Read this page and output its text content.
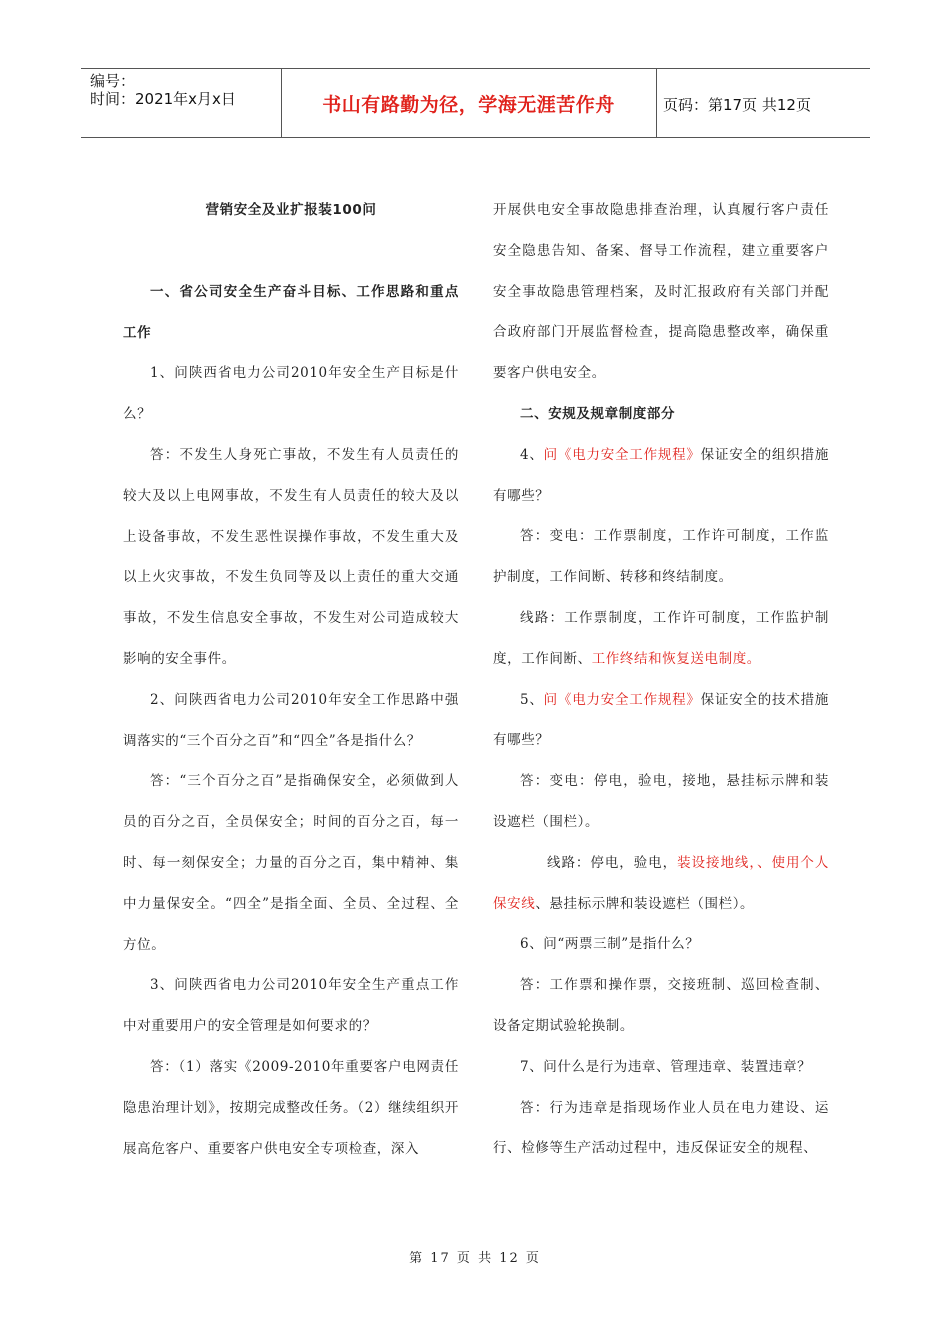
编号：
时间：2021年x月x日	书山有路勤为径，学海无涯苦作舟	页码：第17页 共12页

营销安全及业扩报装100问

一、省公司安全生产奋斗目标、工作思路和重点工作

1、问陕西省电力公司2010年安全生产目标是什么？

答：不发生人身死亡事故，不发生有人员责任的较大及以上电网事故，不发生有人员责任的较大及以上设备事故，不发生恶性误操作事故，不发生重大及以上火灾事故，不发生负同等及以上责任的重大交通事故，不发生信息安全事故，不发生对公司造成较大影响的安全事件。

2、问陕西省电力公司2010年安全工作思路中强调落实的“三个百分之百”和“四全”各是指什么？

答：“三个百分之百”是指确保安全，必须做到人员的百分之百，全员保安全；时间的百分之百，每一时、每一刻保安全；力量的百分之百，集中精神、集中力量保安全。“四全”是指全面、全员、全过程、全方位。

3、问陕西省电力公司2010年安全生产重点工作中对重要用户的安全管理是如何要求的？

答：（1）落实《2009-2010年重要客户电网责任隐患治理计划》，按期完成整改任务。（2）继续组织开展高危客户、重要客户供电安全专项检查，深入

开展供电安全事故隐患排查治理，认真履行客户责任安全隐患告知、备案、督导工作流程，建立重要客户安全事故隐患管理档案，及时汇报政府有关部门并配合政府部门开展监督检查，提高隐患整改率，确保重要客户供电安全。

二、安规及规章制度部分

4、问《电力安全工作规程》保证安全的组织措施有哪些？

答：变电：工作票制度，工作许可制度，工作监护制度，工作间断、转移和终结制度。

线路：工作票制度，工作许可制度，工作监护制度，工作间断、工作终结和恢复送电制度。

5、问《电力安全工作规程》保证安全的技术措施有哪些？

答：变电：停电，验电，接地，悬挂标示牌和装设遮栏（围栏）。

线路：停电，验电，装设接地线，、使用个人保安线、悬挂标示牌和装设遮栏（围栏）。

6、问“两票三制”是指什么？

答：工作票和操作票，交接班制、巡回检查制、设备定期试验轮换制。

7、问什么是行为违章、管理违章、装置违章？

答：行为违章是指现场作业人员在电力建设、运行、检修等生产活动过程中，违反保证安全的规程、

第 17 页 共 12 页
